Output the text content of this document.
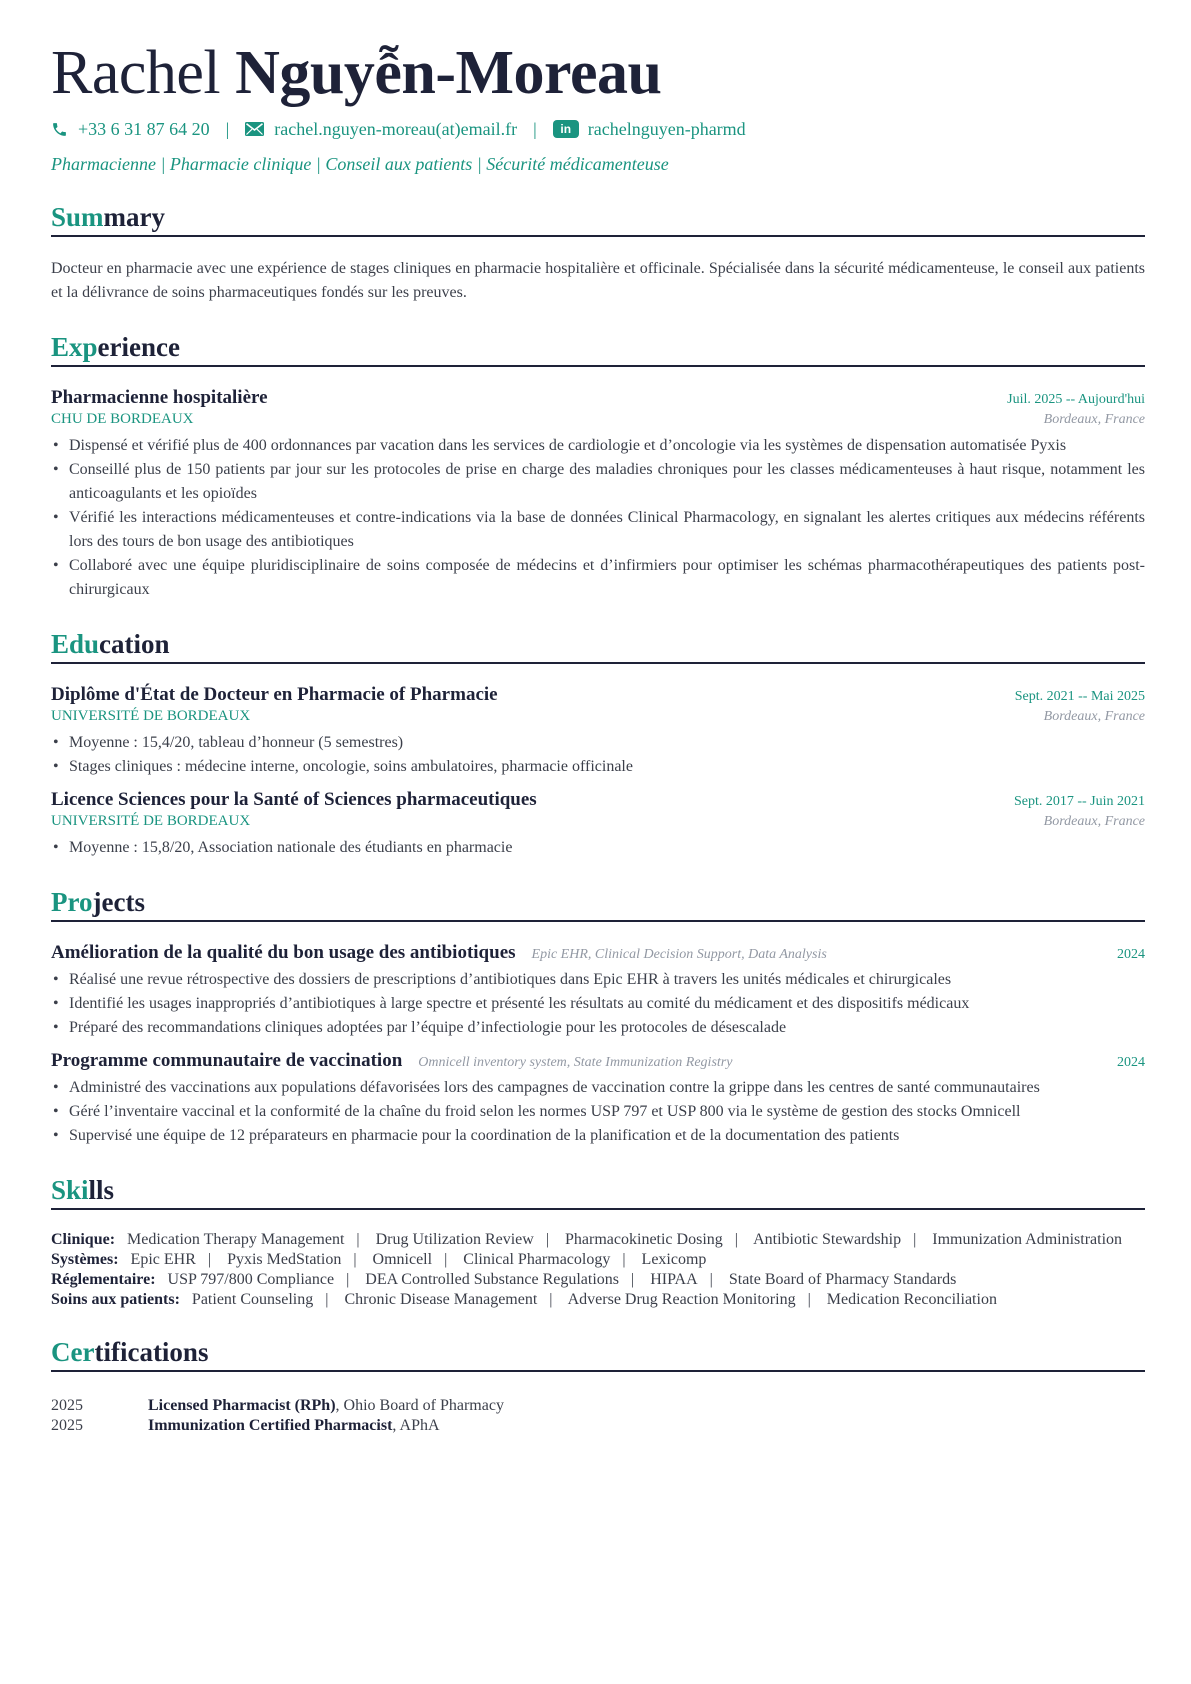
Rachel Nguyễn-Moreau
+33 6 31 87 64 20 |	rachel.nguyen-moreau(at)email.fr |	in rachelnguyen-pharmd
Pharmacienne | Pharmacie clinique | Conseil aux patients | Sécurité médicamenteuse
Summary
Docteur en pharmacie avec une expérience de stages cliniques en pharmacie hospitalière et officinale. Spécialisée dans la sécurité médicamenteuse, le conseil aux patients et la délivrance de soins pharmaceutiques fondés sur les preuves.
Experience
Pharmacienne hospitalière	Juil. 2025 -- Aujourd'hui
CHU DE BORDEAUX	Bordeaux, France
• Dispensé et vérifié plus de 400 ordonnances par vacation dans les services de cardiologie et d’oncologie via les systèmes de dispensation automatisée Pyxis
• Conseillé plus de 150 patients par jour sur les protocoles de prise en charge des maladies chroniques pour les classes médicamenteuses à haut risque, notamment les anticoagulants et les opioïdes
• Vérifié les interactions médicamenteuses et contre-indications via la base de données Clinical Pharmacology, en signalant les alertes critiques aux médecins référents lors des tours de bon usage des antibiotiques
• Collaboré avec une équipe pluridisciplinaire de soins composée de médecins et d’infirmiers pour optimiser les schémas pharmacothérapeutiques des patients post-chirurgicaux
Education
Diplôme d'État de Docteur en Pharmacie of Pharmacie	Sept. 2021 -- Mai 2025
UNIVERSITÉ DE BORDEAUX	Bordeaux, France
• Moyenne : 15,4/20, tableau d’honneur (5 semestres)
• Stages cliniques : médecine interne, oncologie, soins ambulatoires, pharmacie officinale
Licence Sciences pour la Santé of Sciences pharmaceutiques	Sept. 2017 -- Juin 2021
UNIVERSITÉ DE BORDEAUX	Bordeaux, France
• Moyenne : 15,8/20, Association nationale des étudiants en pharmacie
Projects
Amélioration de la qualité du bon usage des antibiotiques Epic EHR, Clinical Decision Support, Data Analysis	2024
• Réalisé une revue rétrospective des dossiers de prescriptions d’antibiotiques dans Epic EHR à travers les unités médicales et chirurgicales
• Identifié les usages inappropriés d’antibiotiques à large spectre et présenté les résultats au comité du médicament et des dispositifs médicaux
• Préparé des recommandations cliniques adoptées par l’équipe d’infectiologie pour les protocoles de désescalade
Programme communautaire de vaccination Omnicell inventory system, State Immunization Registry	2024
• Administré des vaccinations aux populations défavorisées lors des campagnes de vaccination contre la grippe dans les centres de santé communautaires
• Géré l’inventaire vaccinal et la conformité de la chaîne du froid selon les normes USP 797 et USP 800 via le système de gestion des stocks Omnicell
• Supervisé une équipe de 12 préparateurs en pharmacie pour la coordination de la planification et de la documentation des patients
Skills
Clinique: Medication Therapy Management | Drug Utilization Review | Pharmacokinetic Dosing | Antibiotic Stewardship | Immunization Administration
Systèmes: Epic EHR | Pyxis MedStation | Omnicell | Clinical Pharmacology | Lexicomp
Réglementaire: USP 797/800 Compliance | DEA Controlled Substance Regulations | HIPAA | State Board of Pharmacy Standards
Soins aux patients: Patient Counseling | Chronic Disease Management | Adverse Drug Reaction Monitoring | Medication Reconciliation
Certifications
2025	Licensed Pharmacist (RPh), Ohio Board of Pharmacy
2025	Immunization Certified Pharmacist, APhA
